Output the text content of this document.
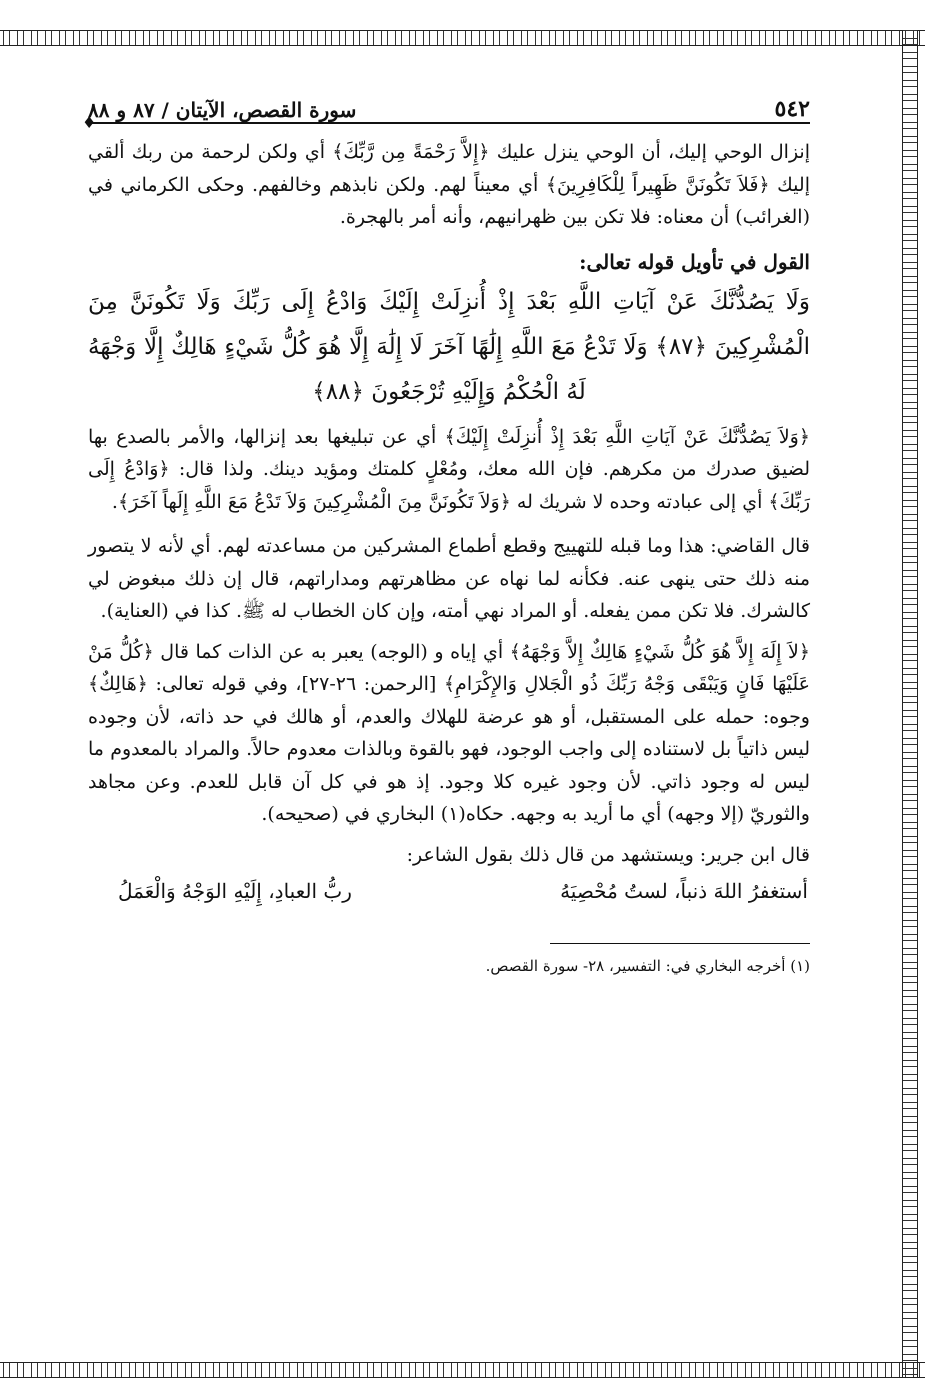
٥٤٢
سورة القصص، الآيتان / ٨٧ و ٨٨
♦

إنزال الوحي إليك، أن الوحي ينزل عليك ﴿إِلاَّ رَحْمَةً مِن رَّبِّكَ﴾ أي ولكن لرحمة من ربك ألقي إليك ﴿فَلاَ تَكُونَنَّ ظَهِيراً لِلْكَافِرِينَ﴾ أي معيناً لهم. ولكن نابذهم وخالفهم. وحكى الكرماني في (الغرائب) أن معناه: فلا تكن بين ظهرانيهم، وأنه أمر بالهجرة.

القول في تأويل قوله تعالى:

وَلَا يَصُدُّنَّكَ عَنْ آيَاتِ اللَّهِ بَعْدَ إِذْ أُنزِلَتْ إِلَيْكَ وَادْعُ إِلَى رَبِّكَ وَلَا تَكُونَنَّ مِنَ الْمُشْرِكِينَ ﴿٨٧﴾ وَلَا تَدْعُ مَعَ اللَّهِ إِلَٰهًا آخَرَ لَا إِلَٰهَ إِلَّا هُوَ كُلُّ شَيْءٍ هَالِكٌ إِلَّا وَجْهَهُ لَهُ الْحُكْمُ وَإِلَيْهِ تُرْجَعُونَ ﴿٨٨﴾

﴿وَلاَ يَصُدُّنَّكَ عَنْ آيَاتِ اللَّهِ بَعْدَ إِذْ أُنزِلَتْ إِلَيْكَ﴾ أي عن تبليغها بعد إنزالها، والأمر بالصدع بها لضيق صدرك من مكرهم. فإن الله معك، ومُعْلٍ كلمتك ومؤيد دينك. ولذا قال: ﴿وَادْعُ إِلَى رَبِّكَ﴾ أي إلى عبادته وحده لا شريك له ﴿وَلاَ تَكُونَنَّ مِنَ الْمُشْرِكِينَ وَلاَ تَدْعُ مَعَ اللَّهِ إِلَهاً آخَرَ﴾.

قال القاضي: هذا وما قبله للتهييج وقطع أطماع المشركين من مساعدته لهم. أي لأنه لا يتصور منه ذلك حتى ينهى عنه. فكأنه لما نهاه عن مظاهرتهم ومداراتهم، قال إن ذلك مبغوض لي كالشرك. فلا تكن ممن يفعله. أو المراد نهي أمته، وإن كان الخطاب له ﷺ. كذا في (العناية).

﴿لاَ إِلَهَ إِلاَّ هُوَ كُلُّ شَيْءٍ هَالِكٌ إِلاَّ وَجْهَهُ﴾ أي إياه و (الوجه) يعبر به عن الذات كما قال ﴿كُلُّ مَنْ عَلَيْهَا فَانٍ وَيَبْقَى وَجْهُ رَبِّكَ ذُو الْجَلالِ وَالإِكْرَامِ﴾ [الرحمن: ٢٦-٢٧]، وفي قوله تعالى: ﴿هَالِكٌ﴾ وجوه: حمله على المستقبل، أو هو عرضة للهلاك والعدم، أو هالك في حد ذاته، لأن وجوده ليس ذاتياً بل لاستناده إلى واجب الوجود، فهو بالقوة وبالذات معدوم حالاً. والمراد بالمعدوم ما ليس له وجود ذاتي. لأن وجود غيره كلا وجود. إذ هو في كل آن قابل للعدم. وعن مجاهد والثوريّ (إلا وجهه) أي ما أريد به وجهه. حكاه(١) البخاري في (صحيحه).

قال ابن جرير: ويستشهد من قال ذلك بقول الشاعر:

أستغفرُ اللهَ ذنباً، لستُ مُحْصِيَهُ
ربُّ العبادِ، إِلَيْهِ الوَجْهُ وَالْعَمَلُ
(١) أخرجه البخاري في: التفسير، ٢٨- سورة القصص.
